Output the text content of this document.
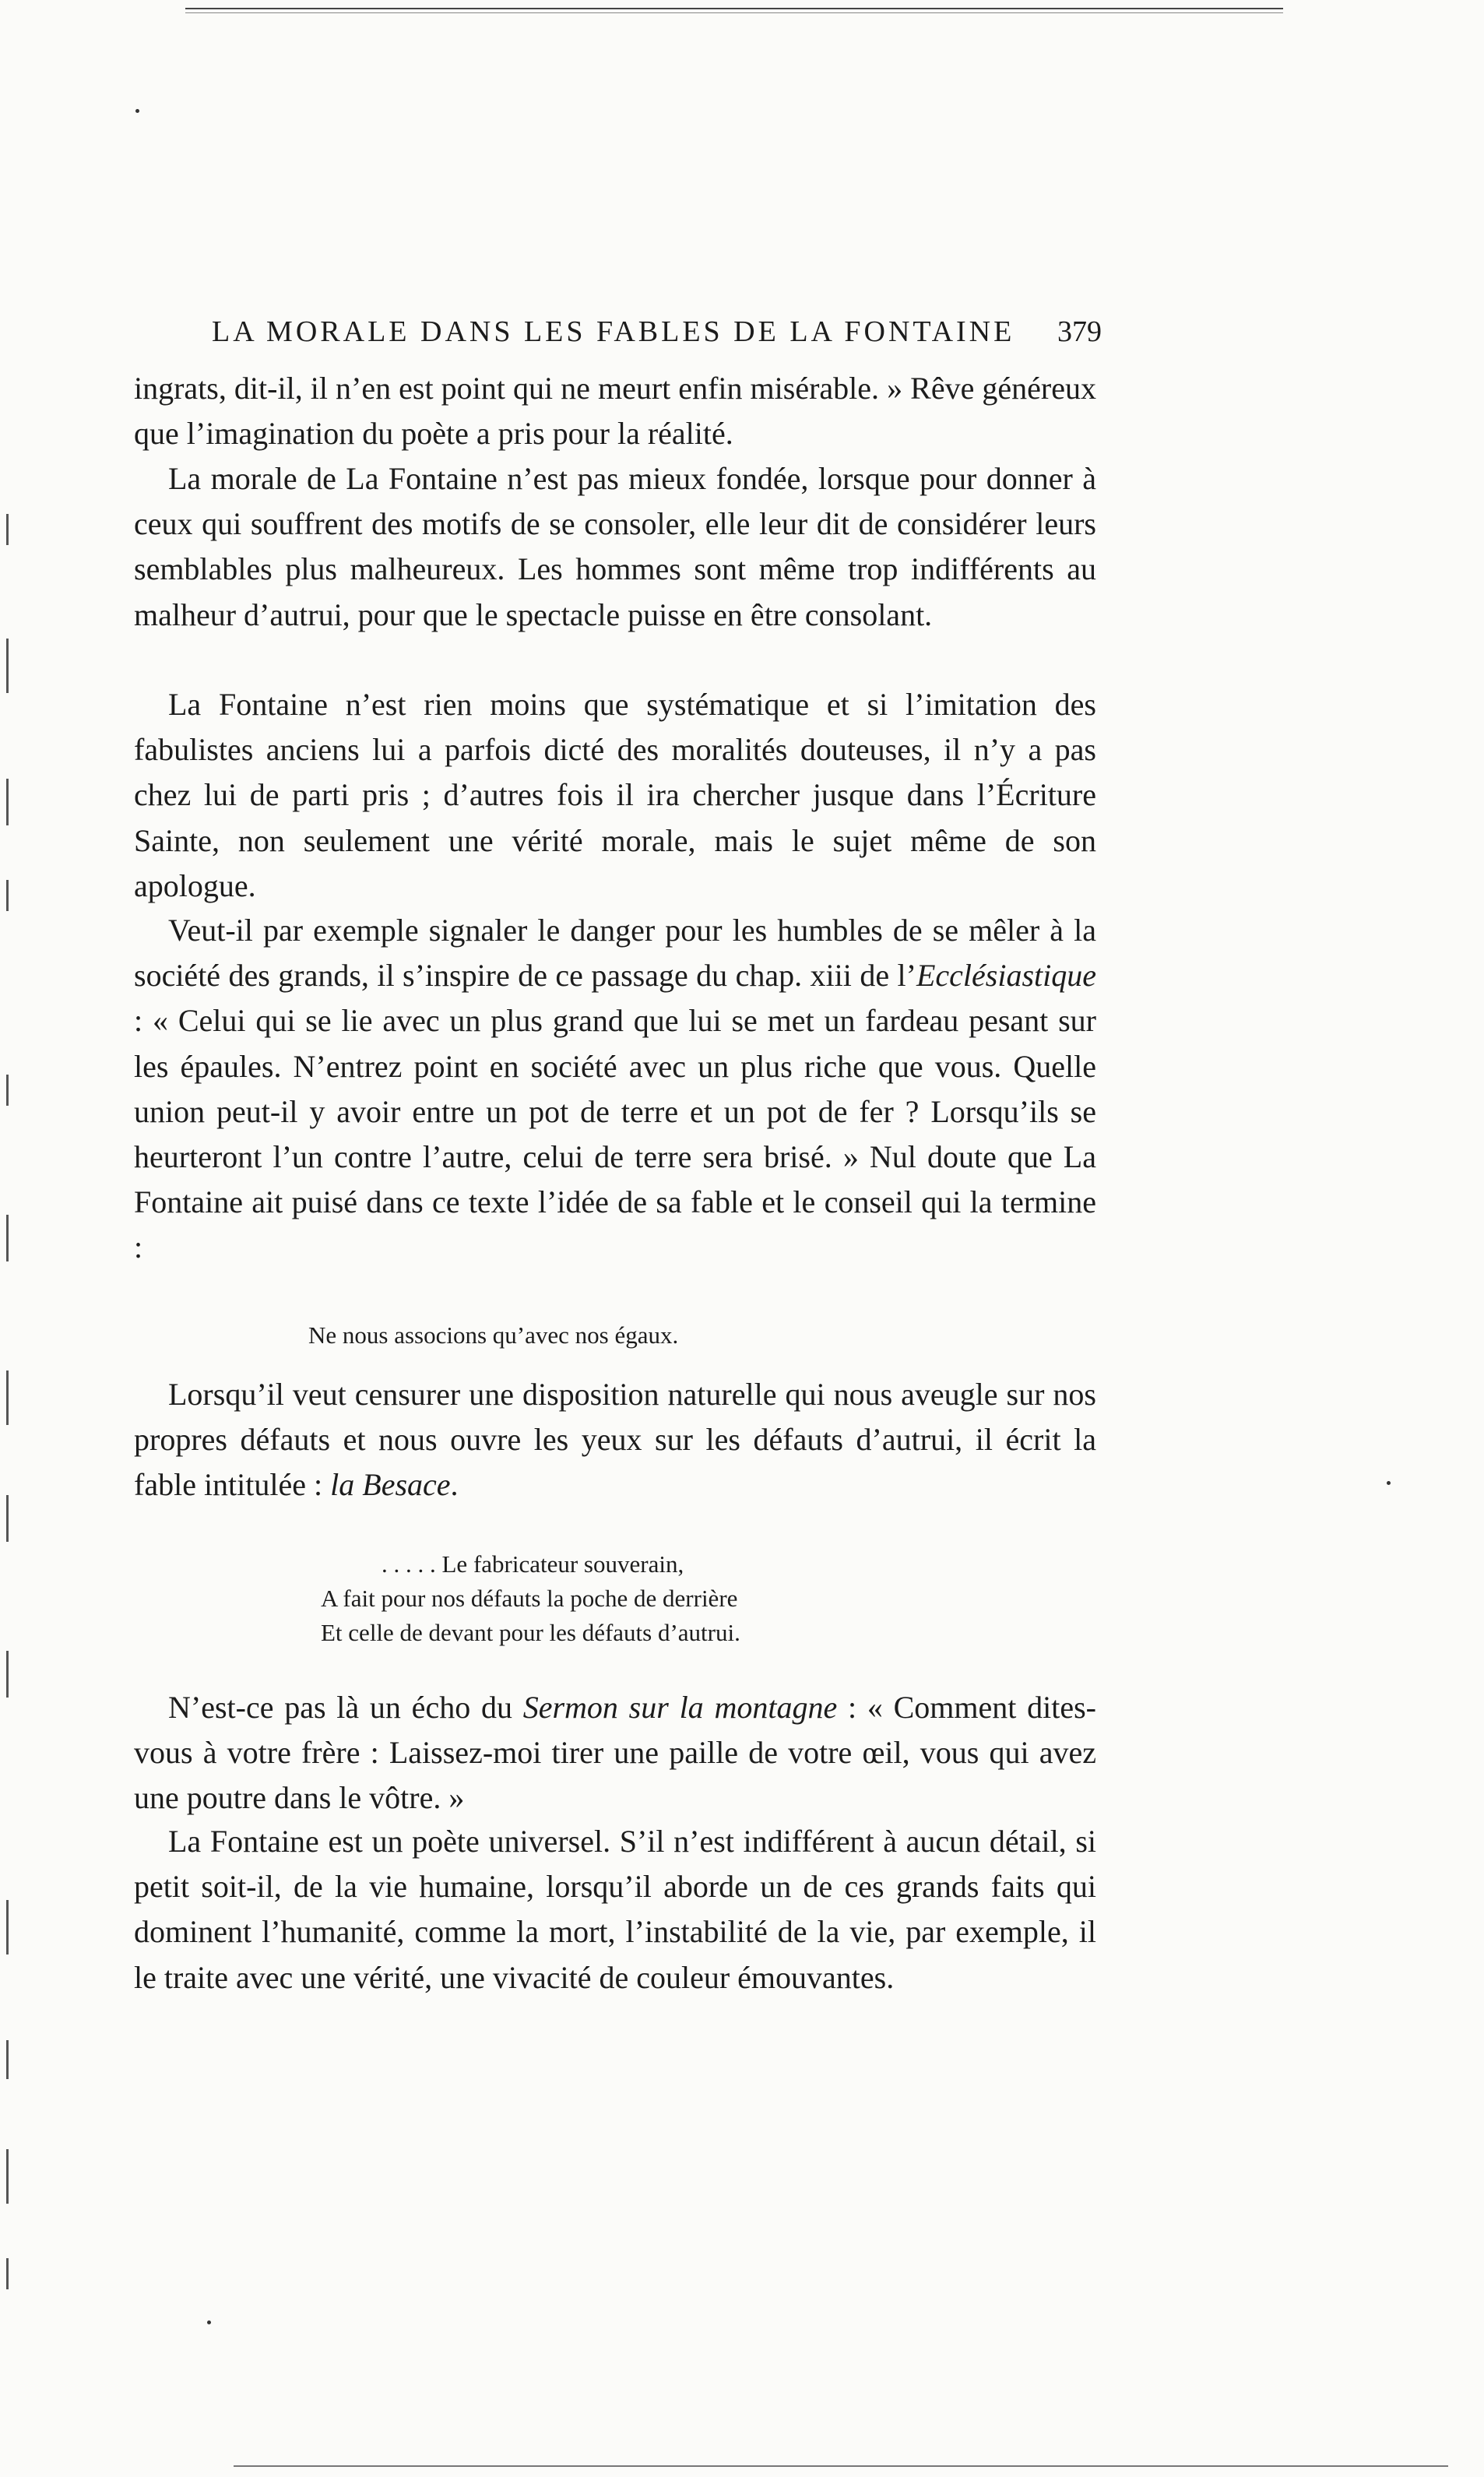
LA MORALE DANS LES FABLES DE LA FONTAINE	379
ingrats, dit-il, il n’en est point qui ne meurt enfin misérable. » Rêve généreux que l’imagination du poète a pris pour la réalité.
La morale de La Fontaine n’est pas mieux fondée, lorsque pour donner à ceux qui souffrent des motifs de se consoler, elle leur dit de considérer leurs semblables plus malheureux. Les hommes sont même trop indifférents au malheur d’autrui, pour que le spectacle puisse en être consolant.
La Fontaine n’est rien moins que systématique et si l’imitation des fabulistes anciens lui a parfois dicté des moralités douteuses, il n’y a pas chez lui de parti pris ; d’autres fois il ira chercher jusque dans l’Écriture Sainte, non seulement une vérité morale, mais le sujet même de son apologue.
Veut-il par exemple signaler le danger pour les humbles de se mêler à la société des grands, il s’inspire de ce passage du chap. xiii de l’Ecclésiastique : « Celui qui se lie avec un plus grand que lui se met un fardeau pesant sur les épaules. N’entrez point en société avec un plus riche que vous. Quelle union peut-il y avoir entre un pot de terre et un pot de fer ? Lorsqu’ils se heurteront l’un contre l’autre, celui de terre sera brisé. » Nul doute que La Fontaine ait puisé dans ce texte l’idée de sa fable et le conseil qui la termine :
Ne nous associons qu’avec nos égaux.
Lorsqu’il veut censurer une disposition naturelle qui nous aveugle sur nos propres défauts et nous ouvre les yeux sur les défauts d’autrui, il écrit la fable intitulée : la Besace.
. . . . . Le fabricateur souverain,
A fait pour nos défauts la poche de derrière
Et celle de devant pour les défauts d’autrui.
N’est-ce pas là un écho du Sermon sur la montagne : « Comment dites-vous à votre frère : Laissez-moi tirer une paille de votre œil, vous qui avez une poutre dans le vôtre. »
La Fontaine est un poète universel. S’il n’est indifférent à aucun détail, si petit soit-il, de la vie humaine, lorsqu’il aborde un de ces grands faits qui dominent l’humanité, comme la mort, l’instabilité de la vie, par exemple, il le traite avec une vérité, une vivacité de couleur émouvantes.
